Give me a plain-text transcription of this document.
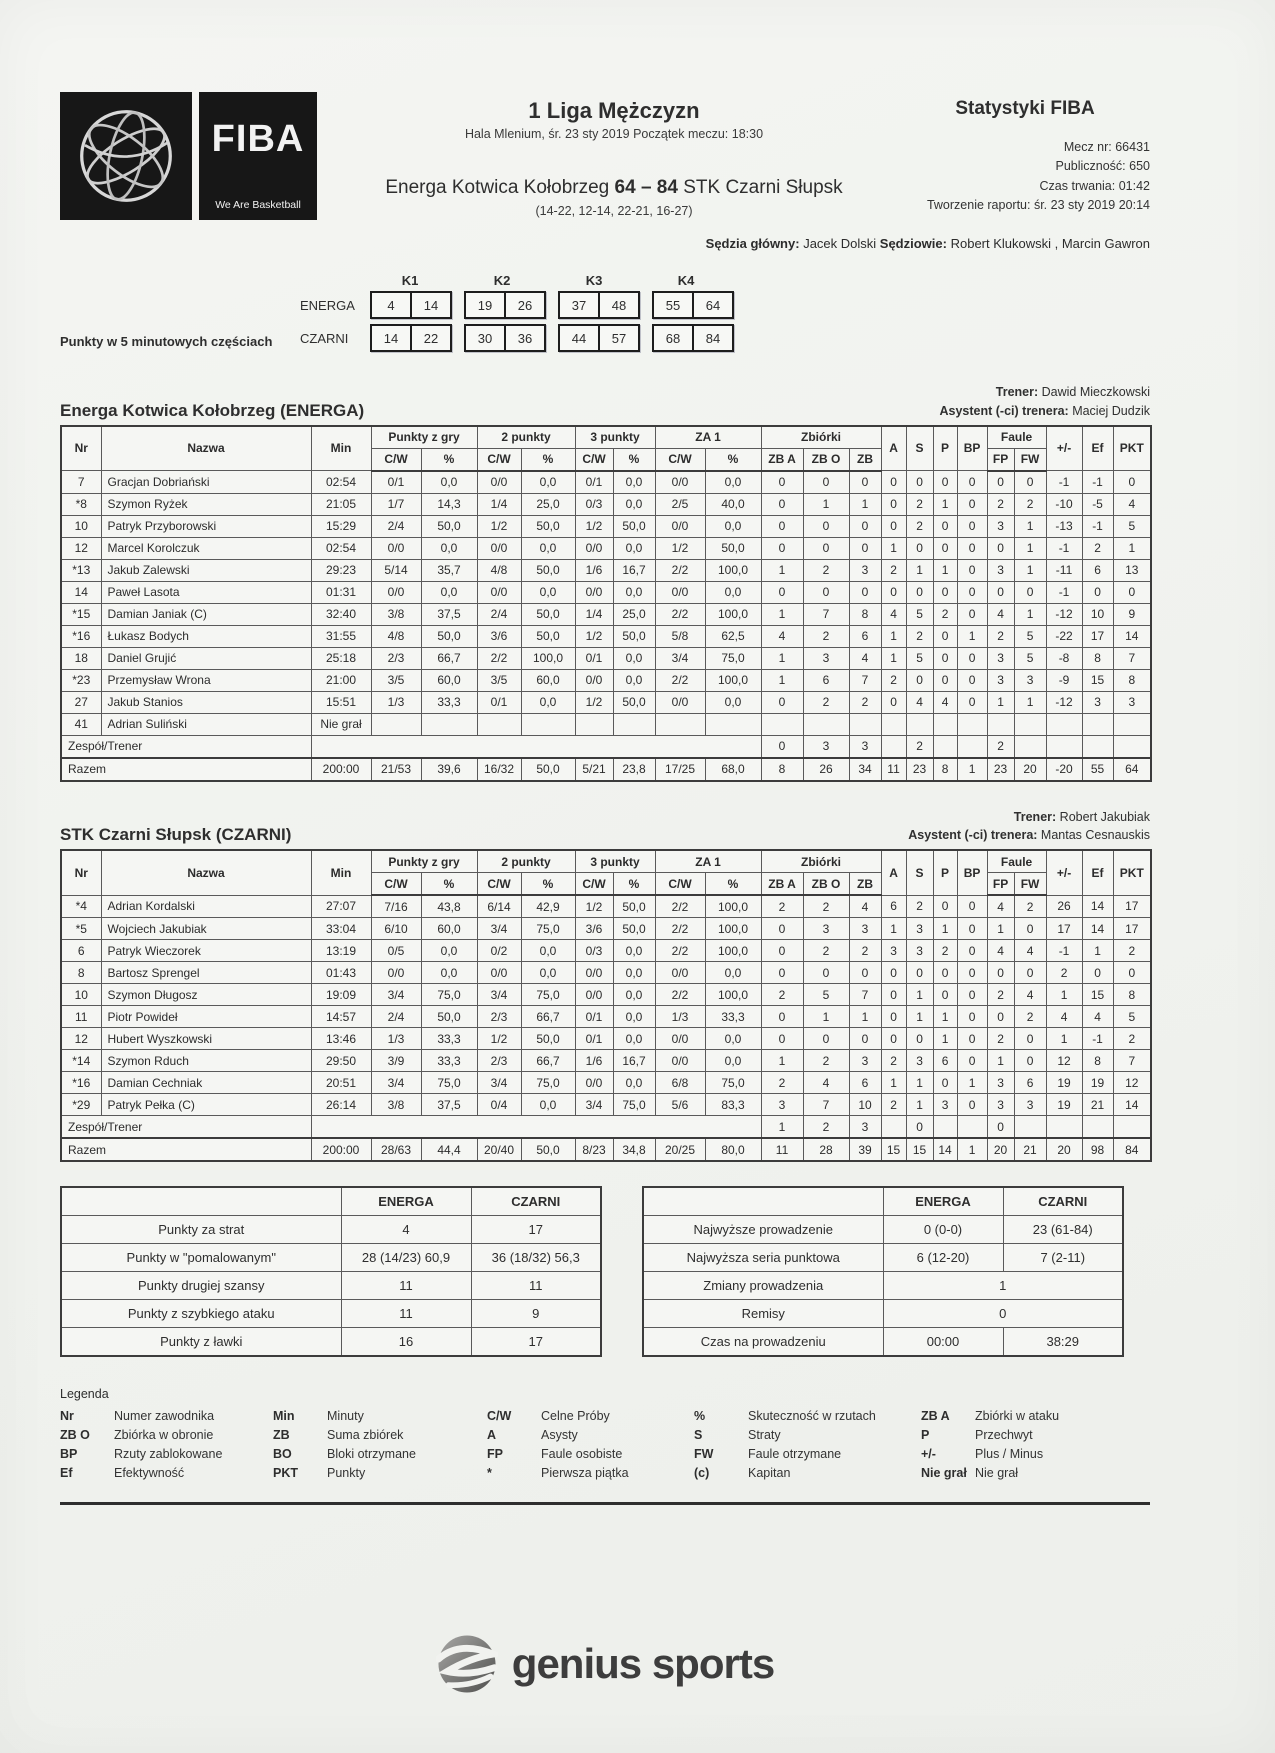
FIBA
We Are Basketball
1 Liga Mężczyzn
Hala Mlenium, śr. 23 sty 2019 Początek meczu: 18:30
Energa Kotwica Kołobrzeg 64 – 84 STK Czarni Słupsk
(14-22, 12-14, 22-21, 16-27)
Statystyki FIBA
Mecz nr: 66431
Publiczność: 650
Czas trwania: 01:42
Tworzenie raportu: śr. 23 sty 2019 20:14
Sędzia główny: Jacek Dolski Sędziowie: Robert Klukowski , Marcin Gawron
Punkty w 5 minutowych częściach
K1	K2	K3	K4
ENERGA	4	14	19	26	37	48	55	64
CZARNI	14	22	30	36	44	57	68	84
Energa Kotwica Kołobrzeg (ENERGA)
Trener: Dawid Mieczkowski
Asystent (-ci) trenera: Maciej Dudzik
Nr	Nazwa	Min	Punkty z gry		2 punkty		3 punkty		ZA 1		Zbiórki			A	S	P	BP	Faule		+/-	Ef	PKT
			C/W	%	C/W	%	C/W	%	C/W	%	ZB A	ZB O	ZB					FP	FW			
7	Gracjan Dobriański	02:54	0/1	0,0	0/0	0,0	0/1	0,0	0/0	0,0	0	0	0	0	0	0	0	0	0	-1	-1	0
*8	Szymon Ryżek	21:05	1/7	14,3	1/4	25,0	0/3	0,0	2/5	40,0	0	1	1	0	2	1	0	2	2	-10	-5	4
10	Patryk Przyborowski	15:29	2/4	50,0	1/2	50,0	1/2	50,0	0/0	0,0	0	0	0	0	2	0	0	3	1	-13	-1	5
12	Marcel Korolczuk	02:54	0/0	0,0	0/0	0,0	0/0	0,0	1/2	50,0	0	0	0	1	0	0	0	0	1	-1	2	1
*13	Jakub Zalewski	29:23	5/14	35,7	4/8	50,0	1/6	16,7	2/2	100,0	1	2	3	2	1	1	0	3	1	-11	6	13
14	Paweł Lasota	01:31	0/0	0,0	0/0	0,0	0/0	0,0	0/0	0,0	0	0	0	0	0	0	0	0	0	-1	0	0
*15	Damian Janiak (C)	32:40	3/8	37,5	2/4	50,0	1/4	25,0	2/2	100,0	1	7	8	4	5	2	0	4	1	-12	10	9
*16	Łukasz Bodych	31:55	4/8	50,0	3/6	50,0	1/2	50,0	5/8	62,5	4	2	6	1	2	0	1	2	5	-22	17	14
18	Daniel Grujić	25:18	2/3	66,7	2/2	100,0	0/1	0,0	3/4	75,0	1	3	4	1	5	0	0	3	5	-8	8	7
*23	Przemysław Wrona	21:00	3/5	60,0	3/5	60,0	0/0	0,0	2/2	100,0	1	6	7	2	0	0	0	3	3	-9	15	8
27	Jakub Stanios	15:51	1/3	33,3	0/1	0,0	1/2	50,0	0/0	0,0	0	2	2	0	4	4	0	1	1	-12	3	3
41	Adrian Suliński	Nie grał																				
Zespół/Trener											0	3	3		2			2				
Razem		200:00	21/53	39,6	16/32	50,0	5/21	23,8	17/25	68,0	8	26	34	11	23	8	1	23	20	-20	55	64
STK Czarni Słupsk (CZARNI)
Trener: Robert Jakubiak
Asystent (-ci) trenera: Mantas Cesnauskis
Nr	Nazwa	Min	Punkty z gry		2 punkty		3 punkty		ZA 1		Zbiórki			A	S	P	BP	Faule		+/-	Ef	PKT
			C/W	%	C/W	%	C/W	%	C/W	%	ZB A	ZB O	ZB					FP	FW			
*4	Adrian Kordalski	27:07	7/16	43,8	6/14	42,9	1/2	50,0	2/2	100,0	2	2	4	6	2	0	0	4	2	26	14	17
*5	Wojciech Jakubiak	33:04	6/10	60,0	3/4	75,0	3/6	50,0	2/2	100,0	0	3	3	1	3	1	0	1	0	17	14	17
6	Patryk Wieczorek	13:19	0/5	0,0	0/2	0,0	0/3	0,0	2/2	100,0	0	2	2	3	3	2	0	4	4	-1	1	2
8	Bartosz Sprengel	01:43	0/0	0,0	0/0	0,0	0/0	0,0	0/0	0,0	0	0	0	0	0	0	0	0	0	2	0	0
10	Szymon Długosz	19:09	3/4	75,0	3/4	75,0	0/0	0,0	2/2	100,0	2	5	7	0	1	0	0	2	4	1	15	8
11	Piotr Powideł	14:57	2/4	50,0	2/3	66,7	0/1	0,0	1/3	33,3	0	1	1	0	1	1	0	0	2	4	4	5
12	Hubert Wyszkowski	13:46	1/3	33,3	1/2	50,0	0/1	0,0	0/0	0,0	0	0	0	0	0	1	0	2	0	1	-1	2
*14	Szymon Rduch	29:50	3/9	33,3	2/3	66,7	1/6	16,7	0/0	0,0	1	2	3	2	3	6	0	1	0	12	8	7
*16	Damian Cechniak	20:51	3/4	75,0	3/4	75,0	0/0	0,0	6/8	75,0	2	4	6	1	1	0	1	3	6	19	19	12
*29	Patryk Pełka (C)	26:14	3/8	37,5	0/4	0,0	3/4	75,0	5/6	83,3	3	7	10	2	1	3	0	3	3	19	21	14
Zespół/Trener											1	2	3		0			0				
Razem		200:00	28/63	44,4	20/40	50,0	8/23	34,8	20/25	80,0	11	28	39	15	15	14	1	20	21	20	98	84
	ENERGA	CZARNI
Punkty za strat	4	17
Punkty w "pomalowanym"	28 (14/23) 60,9	36 (18/32) 56,3
Punkty drugiej szansy	11	11
Punkty z szybkiego ataku	11	9
Punkty z ławki	16	17
	ENERGA	CZARNI
Najwyższe prowadzenie	0 (0-0)	23 (61-84)
Najwyższa seria punktowa	6 (12-20)	7 (2-11)
Zmiany prowadzenia	1	
Remisy	0	
Czas na prowadzeniu	00:00	38:29
Legenda
Nr	Numer zawodnika
ZB O	Zbiórka w obronie
BP	Rzuty zablokowane
Ef	Efektywność
Min	Minuty
ZB	Suma zbiórek
BO	Bloki otrzymane
PKT	Punkty
C/W	Celne Próby
A	Asysty
FP	Faule osobiste
*	Pierwsza piątka
%	Skuteczność w rzutach
S	Straty
FW	Faule otrzymane
(c)	Kapitan
ZB A	Zbiórki w ataku
P	Przechwyt
+/-	Plus / Minus
Nie grał Nie grał
genius sports
